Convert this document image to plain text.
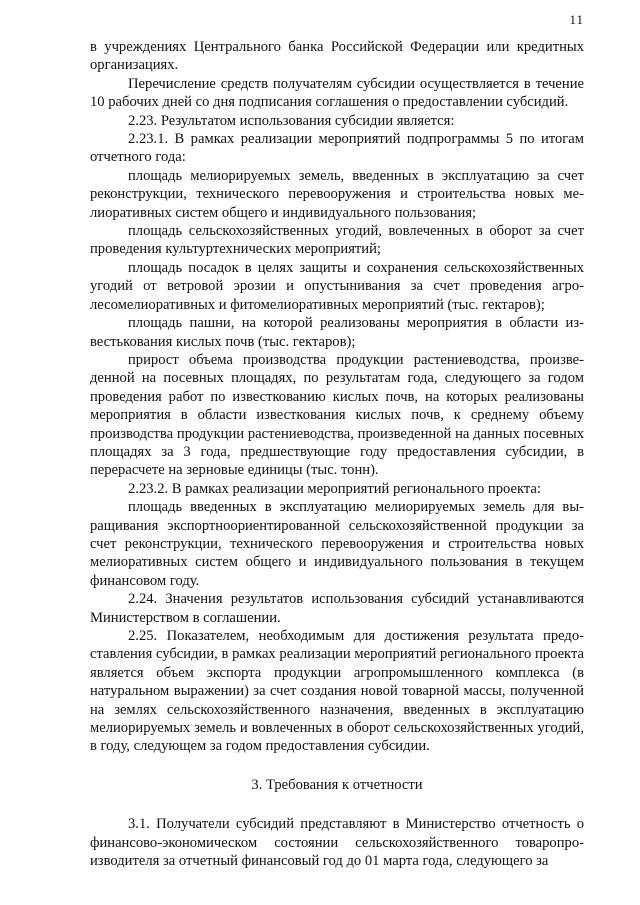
11

в учреждениях Центрального банка Российской Федерации или кредитных организациях.

Перечисление средств получателям субсидии осуществляется в течение 10 рабочих дней со дня подписания соглашения о предоставлении субсидий.

2.23. Результатом использования субсидии является:

2.23.1. В рамках реализации мероприятий подпрограммы 5 по итогам отчетного года:

площадь мелиорируемых земель, введенных в эксплуатацию за счет реконструкции, технического перевооружения и строительства новых мелиоративных систем общего и индивидуального пользования;

площадь сельскохозяйственных угодий, вовлеченных в оборот за счет проведения культуртехнических мероприятий;

площадь посадок в целях защиты и сохранения сельскохозяйственных угодий от ветровой эрозии и опустынивания за счет проведения агролесомелиоративных и фитомелиоративных мероприятий (тыс. гектаров);

площадь пашни, на которой реализованы мероприятия в области известькования кислых почв (тыс. гектаров);

прирост объема производства продукции растениеводства, произведенной на посевных площадях, по результатам года, следующего за годом проведения работ по известкованию кислых почв, на которых реализованы мероприятия в области известкования кислых почв, к среднему объему производства продукции растениеводства, произведенной на данных посевных площадях за 3 года, предшествующие году предоставления субсидии, в перерасчете на зерновые единицы (тыс. тонн).

2.23.2. В рамках реализации мероприятий регионального проекта:

площадь введенных в эксплуатацию мелиорируемых земель для выращивания экспортноориентированной сельскохозяйственной продукции за счет реконструкции, технического перевооружения и строительства новых мелиоративных систем общего и индивидуального пользования в текущем финансовом году.

2.24. Значения результатов использования субсидий устанавливаются Министерством в соглашении.

2.25. Показателем, необходимым для достижения результата предоставления субсидии, в рамках реализации мероприятий регионального проекта является объем экспорта продукции агропромышленного комплекса (в натуральном выражении) за счет создания новой товарной массы, полученной на землях сельскохозяйственного назначения, введенных в эксплуатацию мелиорируемых земель и вовлеченных в оборот сельскохозяйственных угодий, в году, следующем за годом предоставления субсидии.

3. Требования к отчетности

3.1. Получатели субсидий представляют в Министерство отчетность о финансово-экономическом состоянии сельскохозяйственного товаропроизводителя за отчетный финансовый год до 01 марта года, следующего за
